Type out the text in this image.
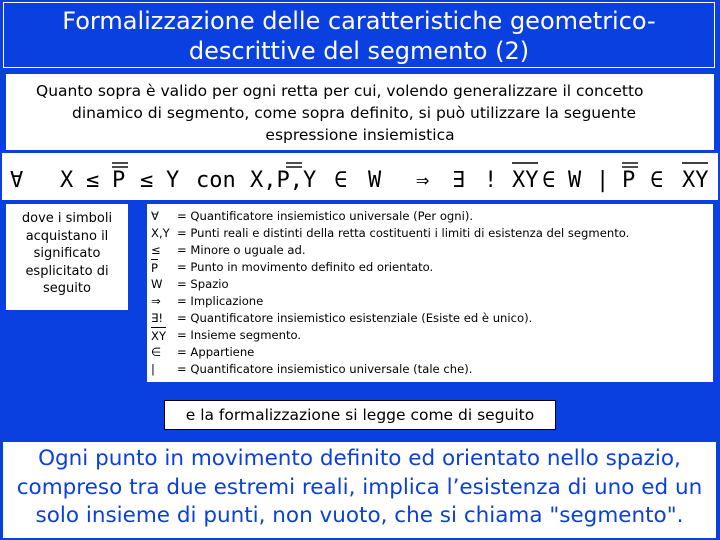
Formalizzazione delle caratteristiche geometrico-
descrittive del segmento (2)
Quanto sopra è valido per ogni retta per cui, volendo generalizzare il concetto
dinamico di segmento, come sopra definito, si può utilizzare la seguente
espressione insiemistica
∀ X ≤ P ≤ Y con X,P,Y ∈ W ⇒ ∃ ! XY ∈ W | P ∈ XY
dove i simboli
acquistano il
significato
esplicitato di
seguito
∀	= Quantificatore insiemistico universale (Per ogni).
X,Y = Punti reali e distinti della retta costituenti i limiti di esistenza del segmento.
≤	= Minore o uguale ad.
P	= Punto in movimento definito ed orientato.
W	= Spazio
⇒	= Implicazione
∃!	= Quantificatore insiemistico esistenziale (Esiste ed è unico).
XY = Insieme segmento.
∈	= Appartiene
|	= Quantificatore insiemistico universale (tale che).
e la formalizzazione si legge come di seguito
Ogni punto in movimento definito ed orientato nello spazio,
compreso tra due estremi reali, implica l’esistenza di uno ed un
solo insieme di punti, non vuoto, che si chiama "segmento".
